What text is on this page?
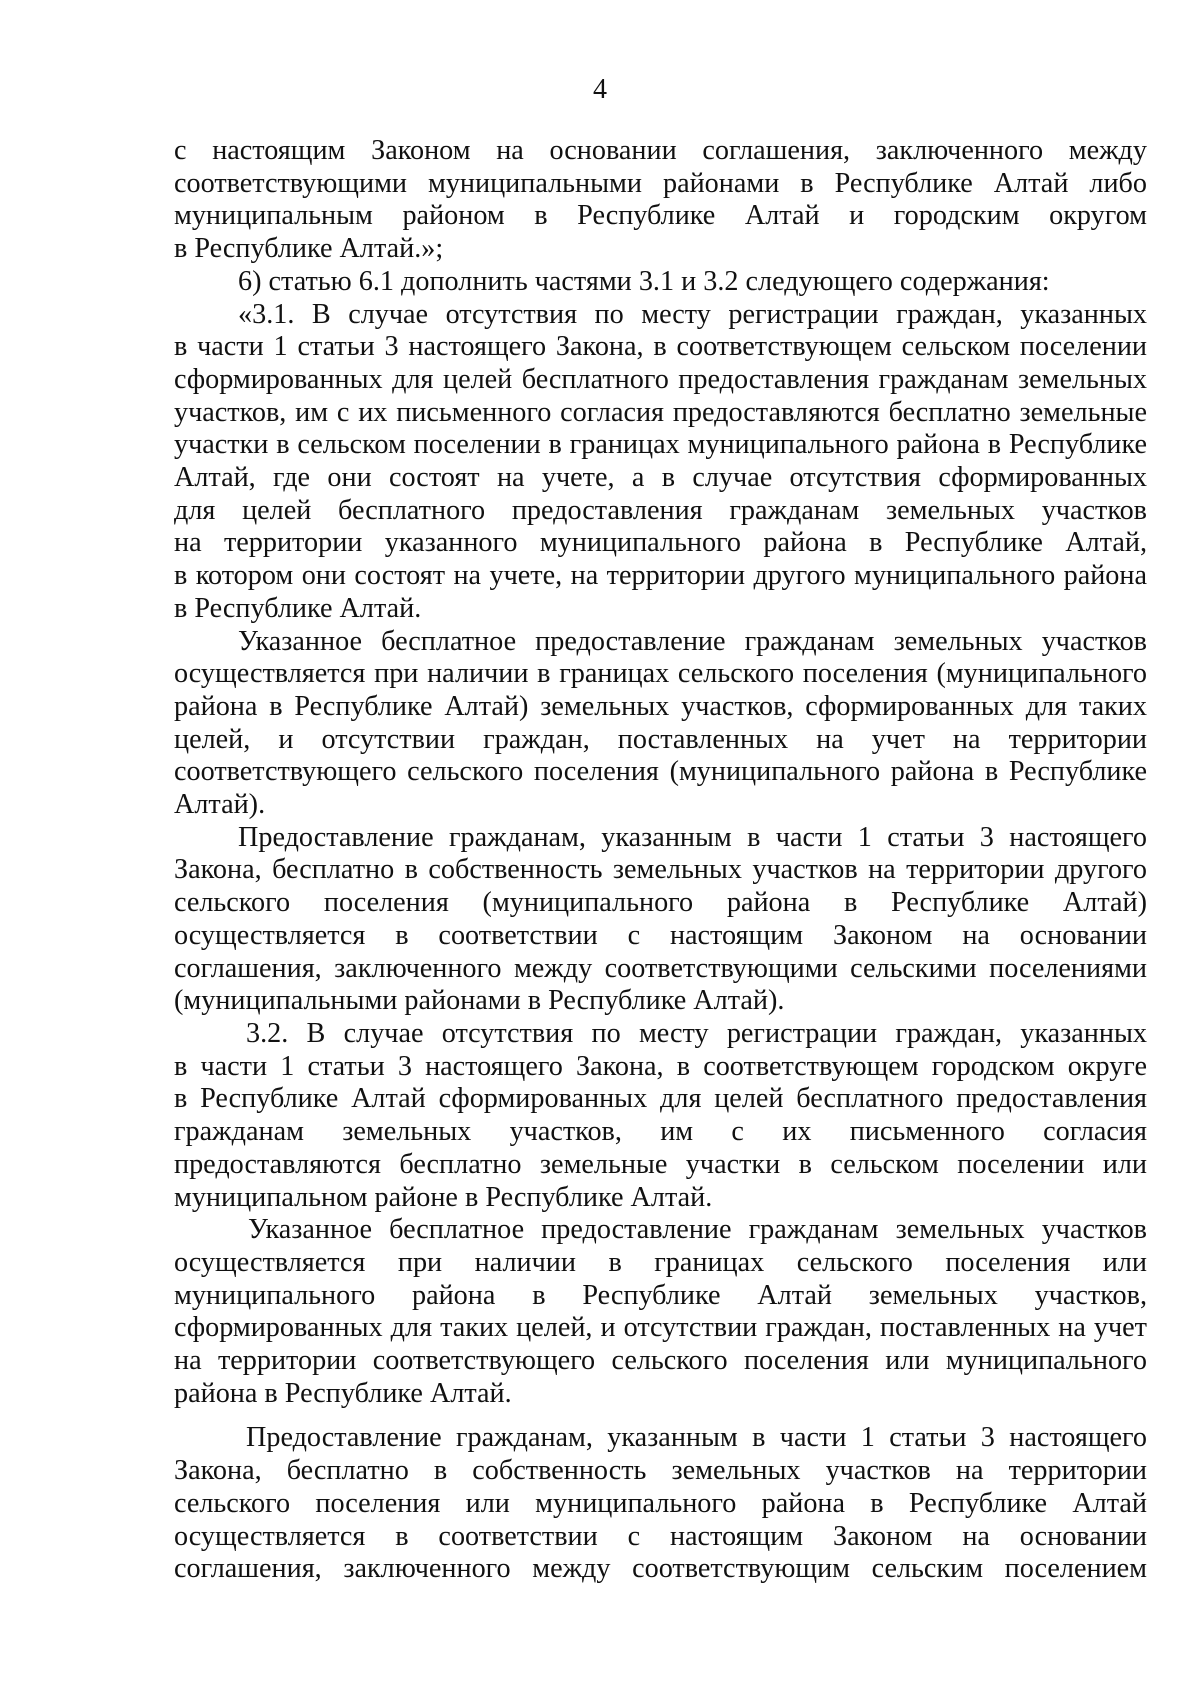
4
с настоящим Законом на основании соглашения, заключенного между
соответствующими муниципальными районами в Республике Алтай либо
муниципальным районом в Республике Алтай и городским округом
в Республике Алтай.»;
6) статью 6.1 дополнить частями 3.1 и 3.2 следующего содержания:
«3.1. В случае отсутствия по месту регистрации граждан, указанных
в части 1 статьи 3 настоящего Закона, в соответствующем сельском поселении
сформированных для целей бесплатного предоставления гражданам земельных
участков, им с их письменного согласия предоставляются бесплатно земельные
участки в сельском поселении в границах муниципального района в Республике
Алтай, где они состоят на учете, а в случае отсутствия сформированных
для целей бесплатного предоставления гражданам земельных участков
на территории указанного муниципального района в Республике Алтай,
в котором они состоят на учете, на территории другого муниципального района
в Республике Алтай.
Указанное бесплатное предоставление гражданам земельных участков
осуществляется при наличии в границах сельского поселения (муниципального
района в Республике Алтай) земельных участков, сформированных для таких
целей, и отсутствии граждан, поставленных на учет на территории
соответствующего сельского поселения (муниципального района в Республике
Алтай).
Предоставление гражданам, указанным в части 1 статьи 3 настоящего
Закона, бесплатно в собственность земельных участков на территории другого
сельского поселения (муниципального района в Республике Алтай)
осуществляется в соответствии с настоящим Законом на основании
соглашения, заключенного между соответствующими сельскими поселениями
(муниципальными районами в Республике Алтай).
3.2. В случае отсутствия по месту регистрации граждан, указанных
в части 1 статьи 3 настоящего Закона, в соответствующем городском округе
в Республике Алтай сформированных для целей бесплатного предоставления
гражданам земельных участков, им с их письменного согласия
предоставляются бесплатно земельные участки в сельском поселении или
муниципальном районе в Республике Алтай.
Указанное бесплатное предоставление гражданам земельных участков
осуществляется при наличии в границах сельского поселения или
муниципального района в Республике Алтай земельных участков,
сформированных для таких целей, и отсутствии граждан, поставленных на учет
на территории соответствующего сельского поселения или муниципального
района в Республике Алтай.
Предоставление гражданам, указанным в части 1 статьи 3 настоящего
Закона, бесплатно в собственность земельных участков на территории
сельского поселения или муниципального района в Республике Алтай
осуществляется в соответствии с настоящим Законом на основании
соглашения, заключенного между соответствующим сельским поселением
